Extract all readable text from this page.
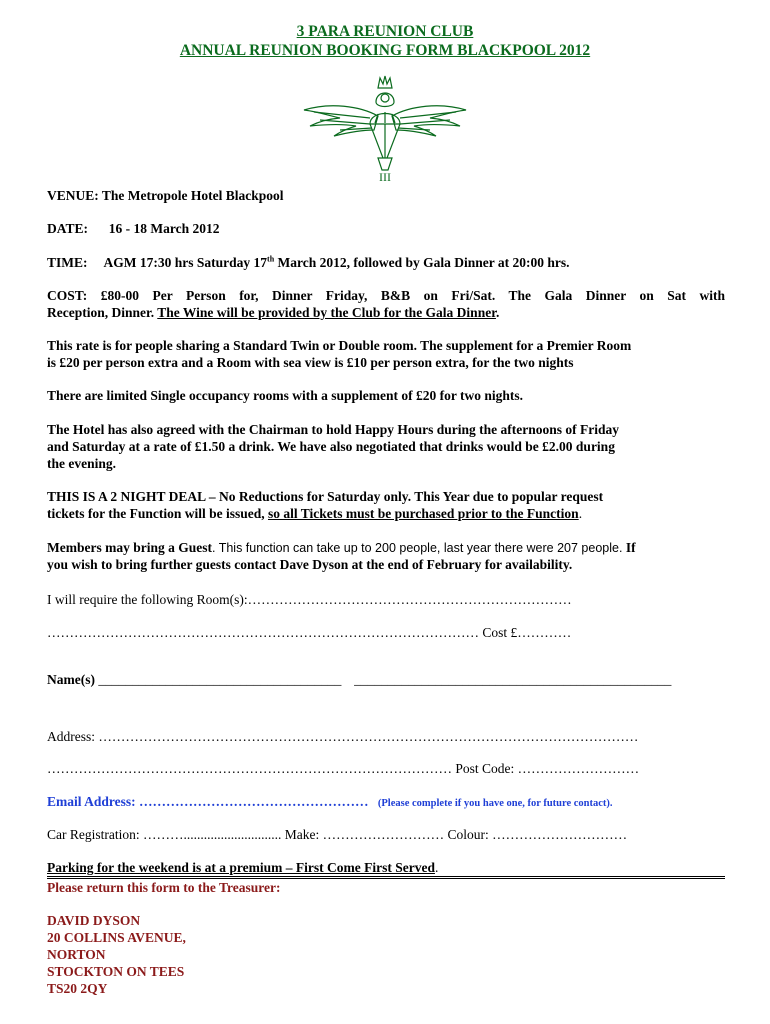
3 PARA REUNION CLUB
ANNUAL REUNION BOOKING FORM BLACKPOOL 2012
III
VENUE: The Metropole Hotel Blackpool
DATE: 16 - 18 March 2012
TIME: AGM 17:30 hrs Saturday 17th March 2012, followed by Gala Dinner at 20:00 hrs.
COST: £80-00 Per Person for, Dinner Friday, B&B on Fri/Sat. The Gala Dinner on Sat with
Reception, Dinner. The Wine will be provided by the Club for the Gala Dinner.
This rate is for people sharing a Standard Twin or Double room. The supplement for a Premier Room
is £20 per person extra and a Room with sea view is £10 per person extra, for the two nights
There are limited Single occupancy rooms with a supplement of £20 for two nights.
The Hotel has also agreed with the Chairman to hold Happy Hours during the afternoons of Friday
and Saturday at a rate of £1.50 a drink. We have also negotiated that drinks would be £2.00 during
the evening.
THIS IS A 2 NIGHT DEAL – No Reductions for Saturday only. This Year due to popular request
tickets for the Function will be issued, so all Tickets must be purchased prior to the Function.
Members may bring a Guest. This function can take up to 200 people, last year there were 207 people. If
you wish to bring further guests contact Dave Dyson at the end of February for availability.
I will require the following Room(s):………………………………………………………………
…………………………………………………………………………………… Cost £…………
Name(s) ____________________________________ _______________________________________________
Address: …………………………………………………………………………………………………………
……………………………………………………………………………… Post Code: ………………………
Email Address: …………………………………………… (Please complete if you have one, for future contact).
Car Registration: ………............................. Make: ……………………… Colour: …………………………
Parking for the weekend is at a premium – First Come First Served.
Please return this form to the Treasurer:
DAVID DYSON
20 COLLINS AVENUE,
NORTON
STOCKTON ON TEES
TS20 2QY
